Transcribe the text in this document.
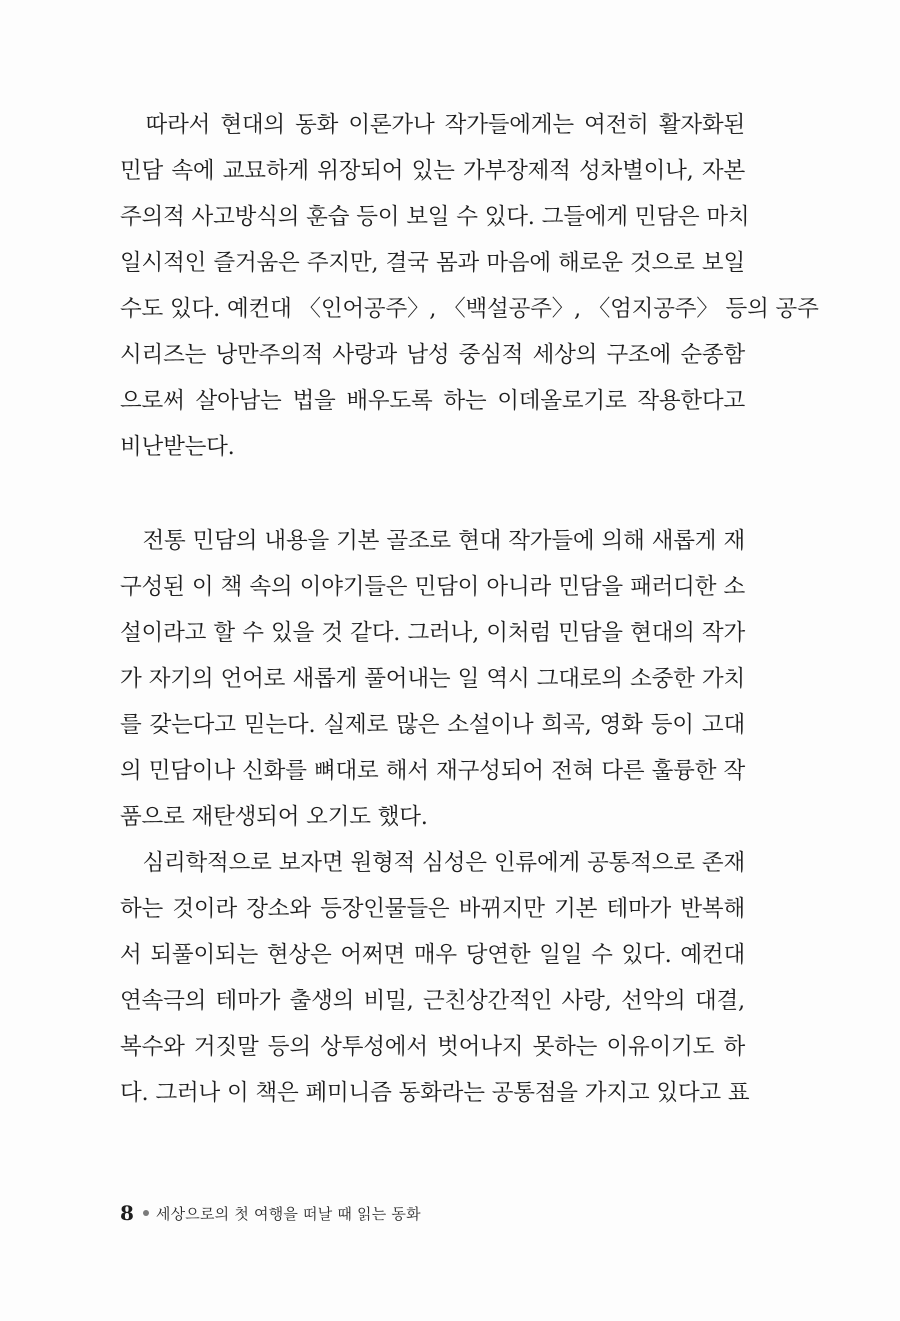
　따라서 현대의 동화 이론가나 작가들에게는 여전히 활자화된
민담 속에 교묘하게 위장되어 있는 가부장제적 성차별이나, 자본
주의적 사고방식의 훈습 등이 보일 수 있다. 그들에게 민담은 마치
일시적인 즐거움은 주지만, 결국 몸과 마음에 해로운 것으로 보일
수도 있다. 예컨대 〈인어공주〉, 〈백설공주〉, 〈엄지공주〉 등의 공주
시리즈는 낭만주의적 사랑과 남성 중심적 세상의 구조에 순종함
으로써 살아남는 법을 배우도록 하는 이데올로기로 작용한다고
비난받는다.
　전통 민담의 내용을 기본 골조로 현대 작가들에 의해 새롭게 재
구성된 이 책 속의 이야기들은 민담이 아니라 민담을 패러디한 소
설이라고 할 수 있을 것 같다. 그러나, 이처럼 민담을 현대의 작가
가 자기의 언어로 새롭게 풀어내는 일 역시 그대로의 소중한 가치
를 갖는다고 믿는다. 실제로 많은 소설이나 희곡, 영화 등이 고대
의 민담이나 신화를 뼈대로 해서 재구성되어 전혀 다른 훌륭한 작
품으로 재탄생되어 오기도 했다.
　심리학적으로 보자면 원형적 심성은 인류에게 공통적으로 존재
하는 것이라 장소와 등장인물들은 바뀌지만 기본 테마가 반복해
서 되풀이되는 현상은 어쩌면 매우 당연한 일일 수 있다. 예컨대
연속극의 테마가 출생의 비밀, 근친상간적인 사랑, 선악의 대결,
복수와 거짓말 등의 상투성에서 벗어나지 못하는 이유이기도 하
다. 그러나 이 책은 페미니즘 동화라는 공통점을 가지고 있다고 표
8 세상으로의 첫 여행을 떠날 때 읽는 동화
